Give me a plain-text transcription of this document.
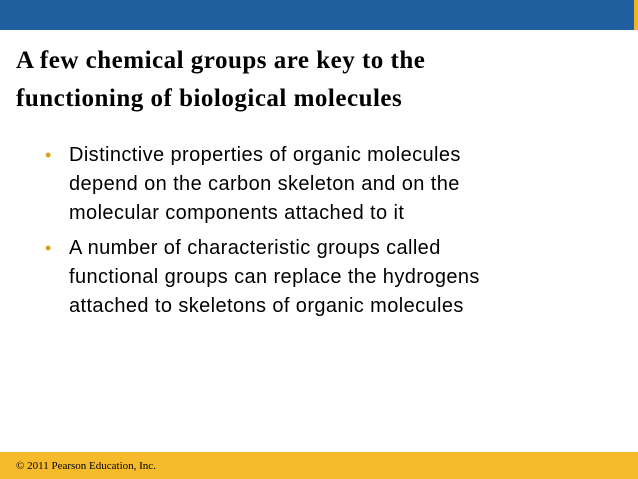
A few chemical groups are key to the
functioning of biological molecules
• Distinctive properties of organic molecules
depend on the carbon skeleton and on the
molecular components attached to it
• A number of characteristic groups called
functional groups can replace the hydrogens
attached to skeletons of organic molecules
© 2011 Pearson Education, Inc.
